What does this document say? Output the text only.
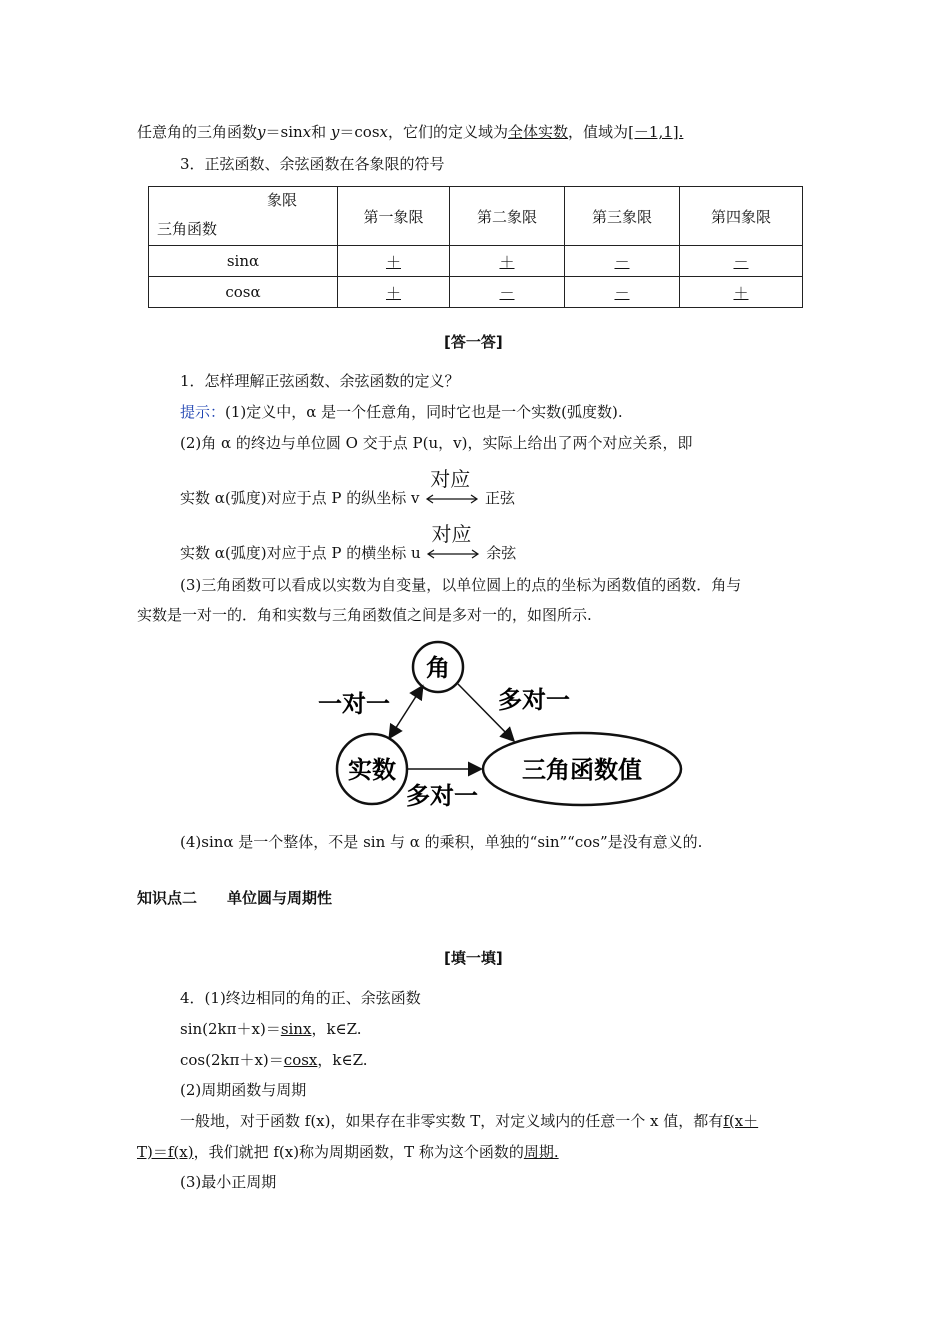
任意角的三角函数y＝sinx和 y＝cosx，它们的定义域为全体实数，值域为[－1,1].
3．正弦函数、余弦函数在各象限的符号
象限
三角函数	第一象限	第二象限	第三象限	第四象限
sinα	＋	＋	－	－
cosα	＋	－	－	＋
[答一答]
1．怎样理解正弦函数、余弦函数的定义？
提示：(1)定义中，α 是一个任意角，同时它也是一个实数(弧度数).
(2)角 α 的终边与单位圆 O 交于点 P(u，v)，实际上给出了两个对应关系，即
实数 α(弧度)对应于点 P 的纵坐标 v
对应
正弦
实数 α(弧度)对应于点 P 的横坐标 u
对应
余弦
(3)三角函数可以看成以实数为自变量，以单位圆上的点的坐标为函数值的函数．角与
实数是一对一的．角和实数与三角函数值之间是多对一的，如图所示.
角
实数	三角函数值
一对一	多对一
多对一
(4)sinα 是一个整体，不是 sin 与 α 的乘积，单独的“sin”“cos”是没有意义的.
知识点二　　单位圆与周期性
[填一填]
4．(1)终边相同的角的正、余弦函数
sin(2kπ＋x)＝sinx，k∈Z.
cos(2kπ＋x)＝cosx，k∈Z.
(2)周期函数与周期
一般地，对于函数 f(x)，如果存在非零实数 T，对定义域内的任意一个 x 值，都有f(x＋
T)＝f(x)，我们就把 f(x)称为周期函数，T 称为这个函数的周期.
(3)最小正周期
